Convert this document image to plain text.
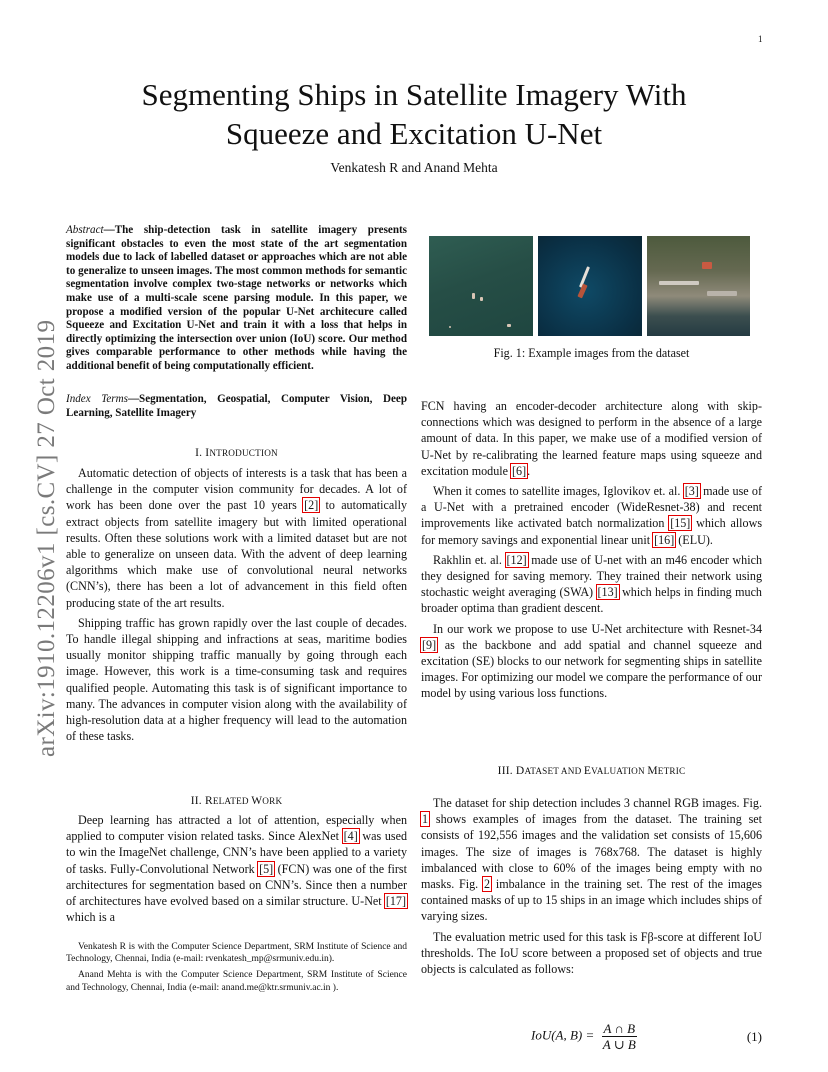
1
arXiv:1910.12206v1 [cs.CV] 27 Oct 2019
Segmenting Ships in Satellite Imagery With
Squeeze and Excitation U-Net
Venkatesh R and Anand Mehta
Abstract—The ship-detection task in satellite imagery presents significant obstacles to even the most state of the art segmentation models due to lack of labelled dataset or approaches which are not able to generalize to unseen images. The most common methods for semantic segmentation involve complex two-stage networks or networks which make use of a multi-scale scene parsing module. In this paper, we propose a modified version of the popular U-Net architecure called Squeeze and Excitation U-Net and train it with a loss that helps in directly optimizing the intersection over union (IoU) score. Our method gives comparable performance to other methods while having the additional benefit of being computationally efficient.
Index Terms—Segmentation, Geospatial, Computer Vision, Deep Learning, Satellite Imagery
I. INTRODUCTION

Automatic detection of objects of interests is a task that has been a challenge in the computer vision community for decades. A lot of work has been done over the past 10 years [2] to automatically extract objects from satellite imagery but with limited operational results. Often these solutions work with a limited dataset but are not able to generalize on unseen data. With the advent of deep learning algorithms which make use of convolutional neural networks (CNN’s), there has been a lot of advancement in this field often producing state of the art results.

Shipping traffic has grown rapidly over the last couple of decades. To handle illegal shipping and infractions at seas, maritime bodies usually monitor shipping traffic manually by going through each image. However, this work is a time-consuming task and requires qualified people. Automating this task is of significant importance to many. The advances in computer vision along with the availability of high-resolution data at a higher frequency will lead to the automation of these tasks.

II. RELATED WORK

Deep learning has attracted a lot of attention, especially when applied to computer vision related tasks. Since AlexNet [4] was used to win the ImageNet challenge, CNN’s have been applied to a variety of tasks. Fully-Convolutional Network [5] (FCN) was one of the first architectures for segmentation based on CNN’s. Since then a number of architectures have evolved based on a similar structure. U-Net [17] which is a

Venkatesh R is with the Computer Science Department, SRM Institute of Science and Technology, Chennai, India (e-mail: rvenkatesh_mp@srmuniv.edu.in).

Anand Mehta is with the Computer Science Department, SRM Institute of Science and Technology, Chennai, India (e-mail: anand.me@ktr.srmuniv.ac.in ).

Fig. 1: Example images from the dataset

FCN having an encoder-decoder architecture along with skip-connections which was designed to perform in the absence of a large amount of data. In this paper, we make use of a modified version of U-Net by re-calibrating the learned feature maps using squeeze and excitation module [6].

When it comes to satellite images, Iglovikov et. al. [3] made use of a U-Net with a pretrained encoder (WideResnet-38) and recent improvements like activated batch normalization [15] which allows for memory savings and exponential linear unit [16] (ELU).

Rakhlin et. al. [12] made use of U-net with an m46 encoder which they designed for saving memory. They trained their network using stochastic weight averaging (SWA) [13] which helps in finding much broader optima than gradient descent.

In our work we propose to use U-Net architecture with Resnet-34 [9] as the backbone and add spatial and channel squeeze and excitation (SE) blocks to our network for segmenting ships in satellite images. For optimizing our model we compare the performance of our model by using various loss functions.

III. DATASET AND EVALUATION METRIC

The dataset for ship detection includes 3 channel RGB images. Fig. 1 shows examples of images from the dataset. The training set consists of 192,556 images and the validation set consists of 15,606 images. The size of images is 768x768. The dataset is highly imbalanced with close to 60% of the images being empty with no masks. Fig. 2 imbalance in the training set. The rest of the images contained masks of up to 15 ships in an image which includes ships of varying sizes.

The evaluation metric used for this task is Fβ-score at different IoU thresholds. The IoU score between a proposed set of objects and true objects is calculated as follows:

IoU(A, $B) = \frac{A \cap B}{A \cup B}$	(1)
